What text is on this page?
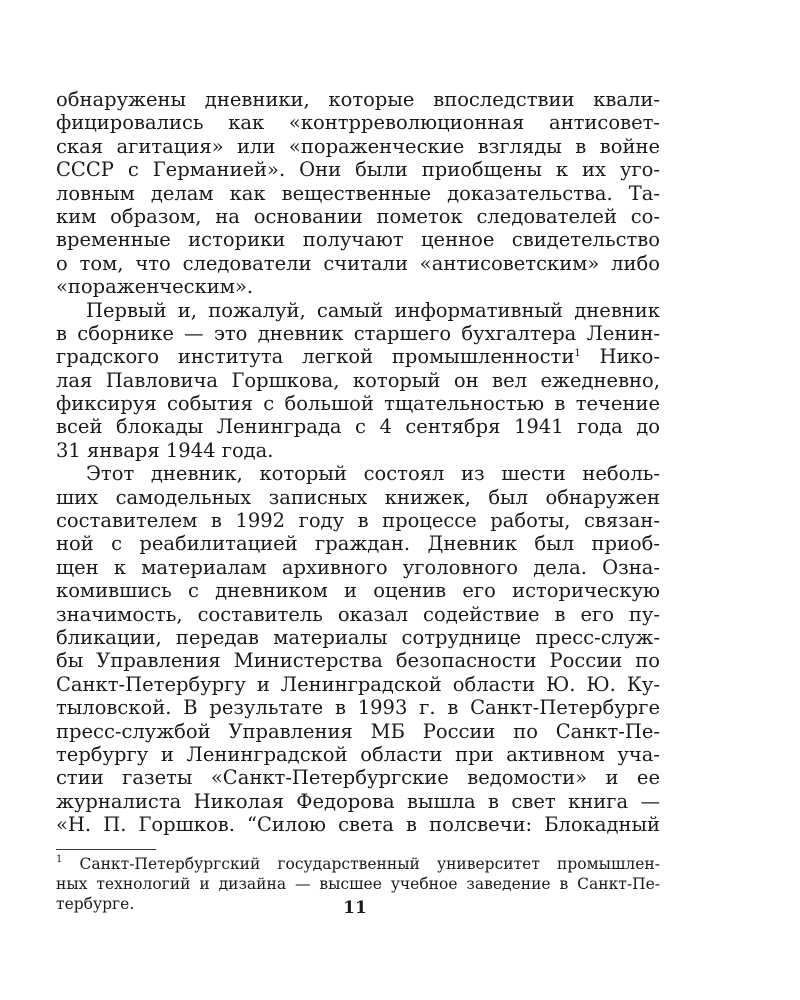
обнаружены дневники, которые впоследствии квали-
фицировались как «контрреволюционная антисовет-
ская агитация» или «пораженческие взгляды в войне
СССР с Германией». Они были приобщены к их уго-
ловным делам как вещественные доказательства. Та-
ким образом, на основании пометок следователей со-
временные историки получают ценное свидетельство
о том, что следователи считали «антисоветским» либо
«пораженческим».
Первый и, пожалуй, самый информативный дневник
в сборнике — это дневник старшего бухгалтера Ленин-
градского института легкой промышленности$^1$ Нико-
лая Павловича Горшкова, который он вел ежедневно,
фиксируя события с большой тщательностью в течение
всей блокады Ленинграда с 4 сентября 1941 года до
31 января 1944 года.
Этот дневник, который состоял из шести неболь-
ших самодельных записных книжек, был обнаружен
составителем в 1992 году в процессе работы, связан-
ной с реабилитацией граждан. Дневник был приоб-
щен к материалам архивного уголовного дела. Озна-
комившись с дневником и оценив его историческую
значимость, составитель оказал содействие в его пу-
бликации, передав материалы сотруднице пресс-служ-
бы Управления Министерства безопасности России по
Санкт-Петербургу и Ленинградской области Ю. Ю. Ку-
тыловской. В результате в 1993 г. в Санкт-Петербурге
пресс-службой Управления МБ России по Санкт-Пе-
тербургу и Ленинградской области при активном уча-
стии газеты «Санкт-Петербургские ведомости» и ее
журналиста Николая Федорова вышла в свет книга —
«Н. П. Горшков. “Силою света в полсвечи: Блокадный
$^1$ Санкт-Петербургский государственный университет промышлен-
ных технологий и дизайна — высшее учебное заведение в Санкт-Пе-
тербурге.	11
